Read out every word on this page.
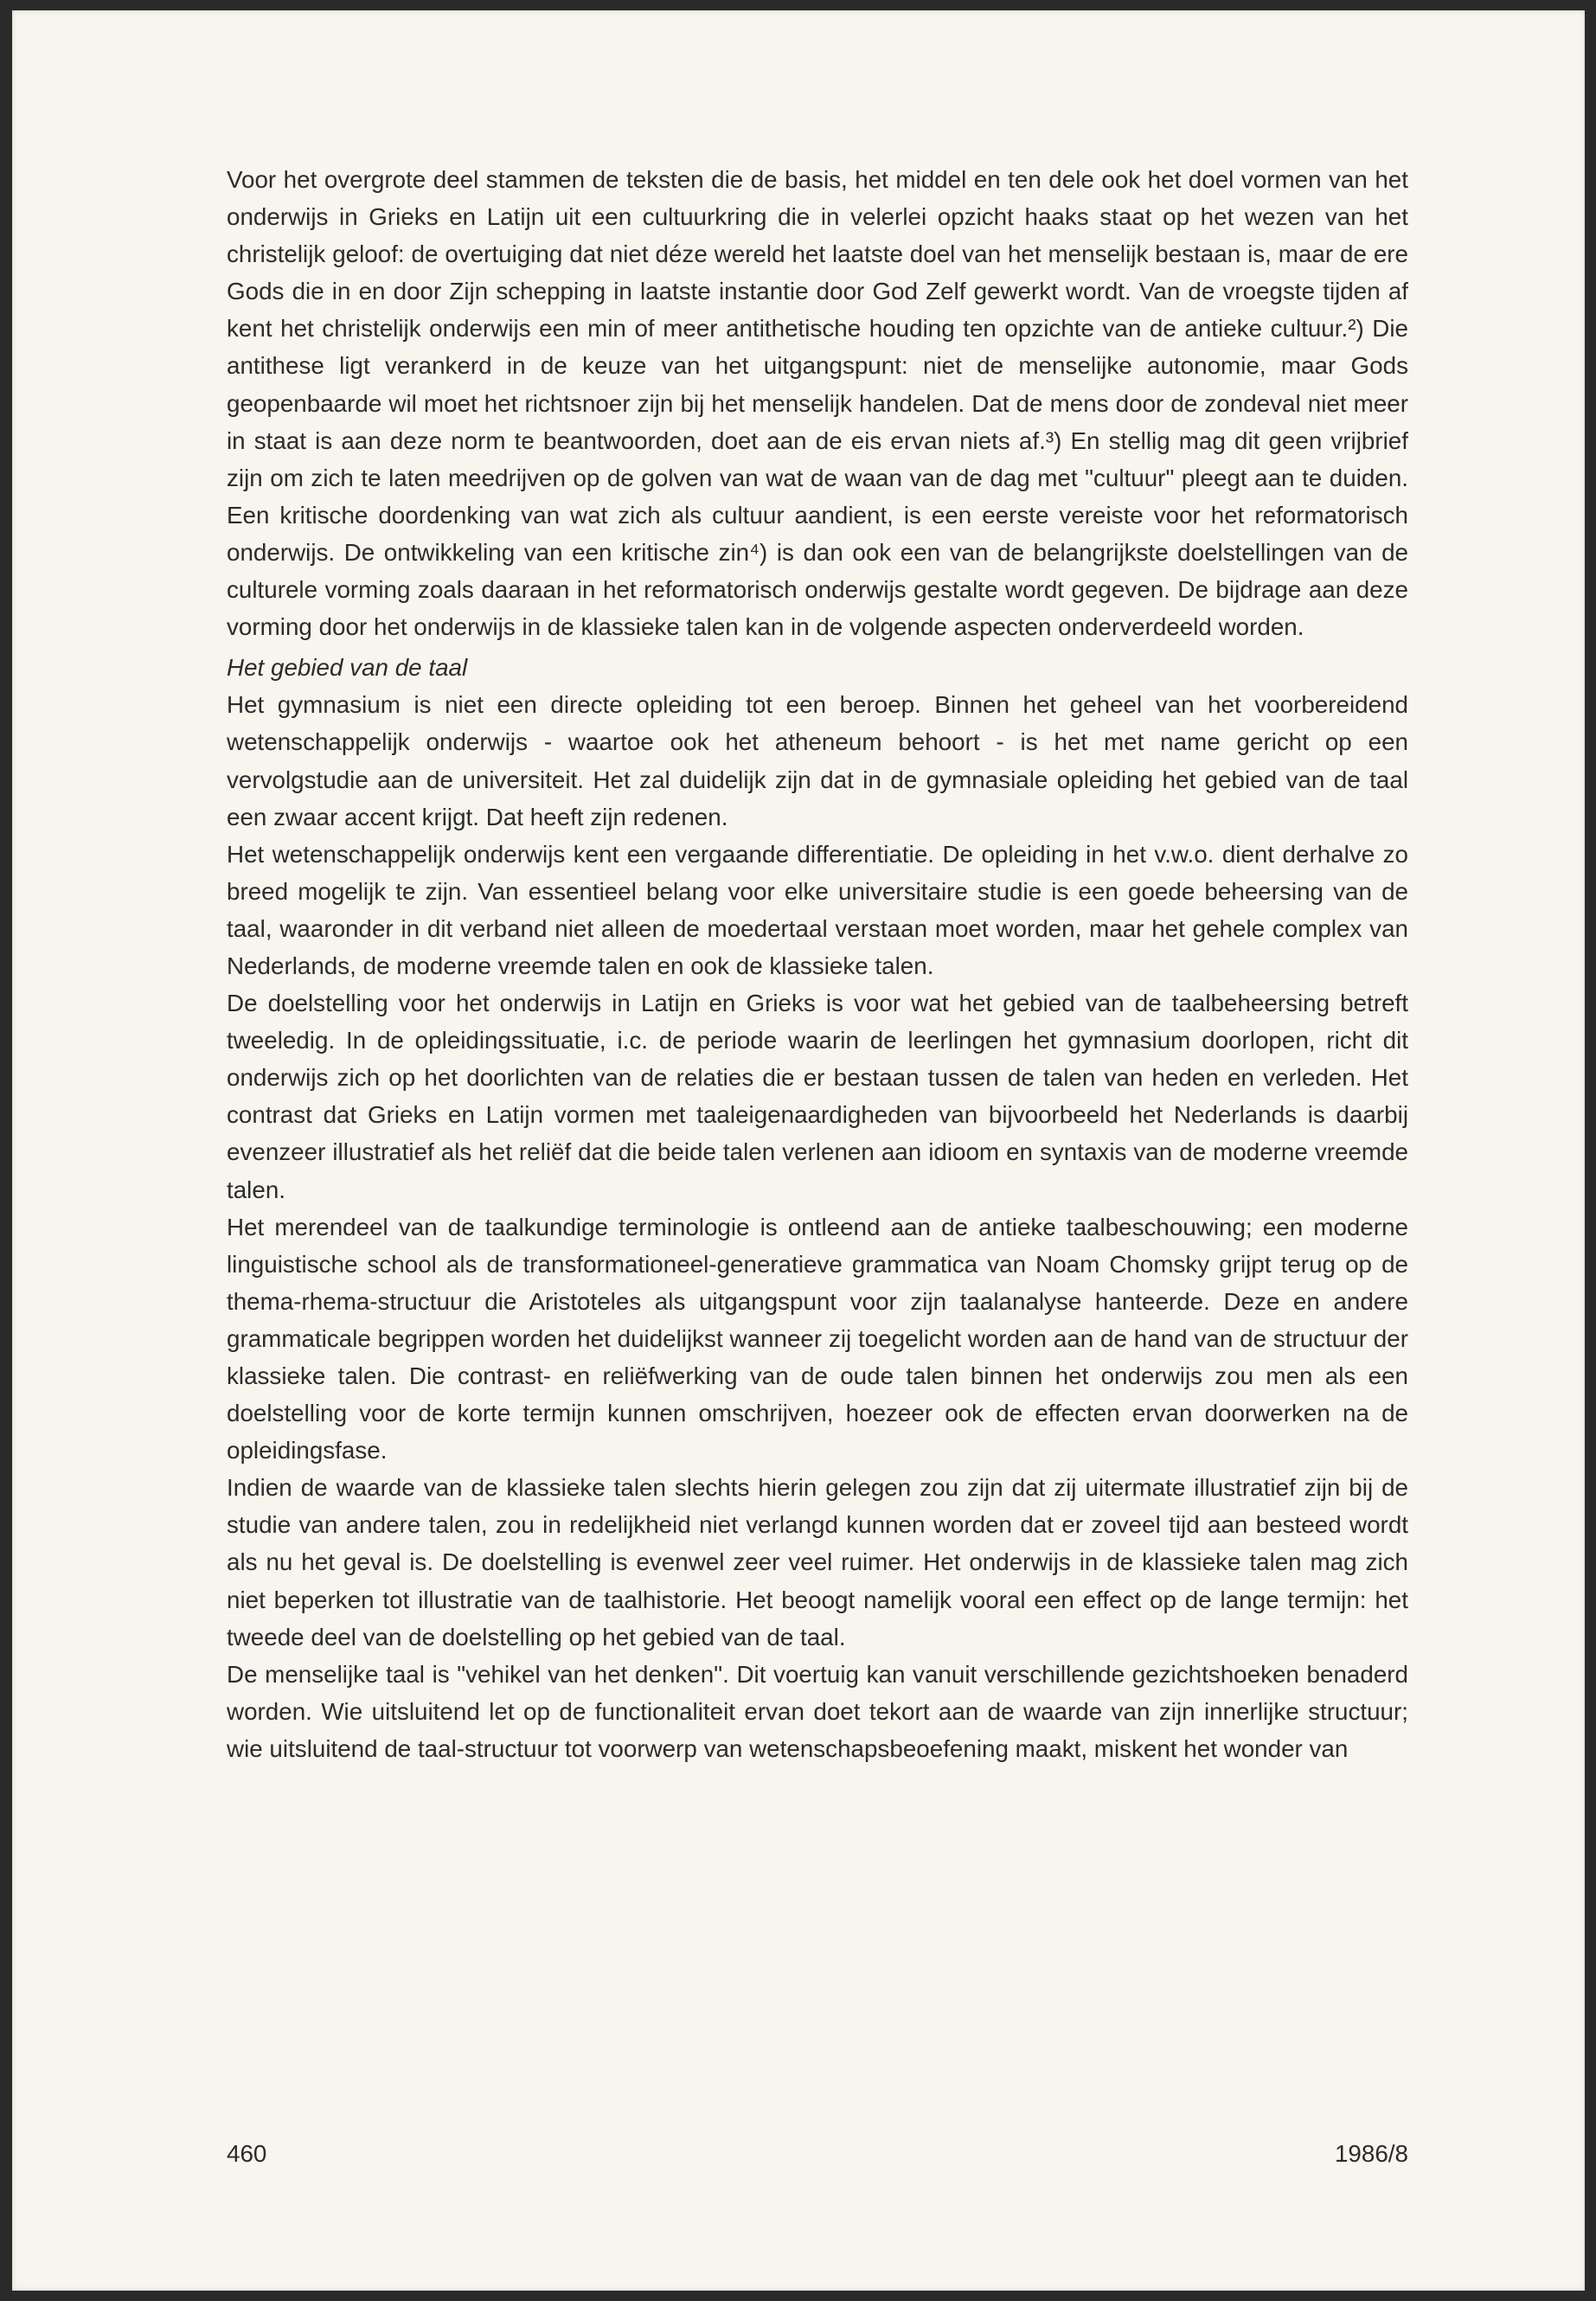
Voor het overgrote deel stammen de teksten die de basis, het middel en ten dele ook het doel vormen van het onderwijs in Grieks en Latijn uit een cultuurkring die in velerlei opzicht haaks staat op het wezen van het christelijk geloof: de overtuiging dat niet déze wereld het laatste doel van het menselijk bestaan is, maar de ere Gods die in en door Zijn schepping in laatste instantie door God Zelf gewerkt wordt. Van de vroegste tijden af kent het christelijk onderwijs een min of meer antithetische houding ten opzichte van de antieke cultuur.²) Die antithese ligt verankerd in de keuze van het uitgangspunt: niet de menselijke autonomie, maar Gods geopenbaarde wil moet het richtsnoer zijn bij het menselijk handelen. Dat de mens door de zondeval niet meer in staat is aan deze norm te beantwoorden, doet aan de eis ervan niets af.³) En stellig mag dit geen vrijbrief zijn om zich te laten meedrijven op de golven van wat de waan van de dag met "cultuur" pleegt aan te duiden. Een kritische doordenking van wat zich als cultuur aandient, is een eerste vereiste voor het reformatorisch onderwijs. De ontwikkeling van een kritische zin⁴) is dan ook een van de belangrijkste doelstellingen van de culturele vorming zoals daaraan in het reformatorisch onderwijs gestalte wordt gegeven. De bijdrage aan deze vorming door het onderwijs in de klassieke talen kan in de volgende aspecten onderverdeeld worden.

Het gebied van de taal

Het gymnasium is niet een directe opleiding tot een beroep. Binnen het geheel van het voorbereidend wetenschappelijk onderwijs - waartoe ook het atheneum behoort - is het met name gericht op een vervolgstudie aan de universiteit. Het zal duidelijk zijn dat in de gymnasiale opleiding het gebied van de taal een zwaar accent krijgt. Dat heeft zijn redenen.

Het wetenschappelijk onderwijs kent een vergaande differentiatie. De opleiding in het v.w.o. dient derhalve zo breed mogelijk te zijn. Van essentieel belang voor elke universitaire studie is een goede beheersing van de taal, waaronder in dit verband niet alleen de moedertaal verstaan moet worden, maar het gehele complex van Nederlands, de moderne vreemde talen en ook de klassieke talen.

De doelstelling voor het onderwijs in Latijn en Grieks is voor wat het gebied van de taalbeheersing betreft tweeledig. In de opleidingssituatie, i.c. de periode waarin de leerlingen het gymnasium doorlopen, richt dit onderwijs zich op het doorlichten van de relaties die er bestaan tussen de talen van heden en verleden. Het contrast dat Grieks en Latijn vormen met taaleigenaardigheden van bijvoorbeeld het Nederlands is daarbij evenzeer illustratief als het reliëf dat die beide talen verlenen aan idioom en syntaxis van de moderne vreemde talen.

Het merendeel van de taalkundige terminologie is ontleend aan de antieke taalbeschouwing; een moderne linguistische school als de transformationeel-generatieve grammatica van Noam Chomsky grijpt terug op de thema-rhema-structuur die Aristoteles als uitgangspunt voor zijn taalanalyse hanteerde. Deze en andere grammaticale begrippen worden het duidelijkst wanneer zij toegelicht worden aan de hand van de structuur der klassieke talen. Die contrast- en reliëfwerking van de oude talen binnen het onderwijs zou men als een doelstelling voor de korte termijn kunnen omschrijven, hoezeer ook de effecten ervan doorwerken na de opleidingsfase.

Indien de waarde van de klassieke talen slechts hierin gelegen zou zijn dat zij uitermate illustratief zijn bij de studie van andere talen, zou in redelijkheid niet verlangd kunnen worden dat er zoveel tijd aan besteed wordt als nu het geval is. De doelstelling is evenwel zeer veel ruimer. Het onderwijs in de klassieke talen mag zich niet beperken tot illustratie van de taalhistorie. Het beoogt namelijk vooral een effect op de lange termijn: het tweede deel van de doelstelling op het gebied van de taal.

De menselijke taal is "vehikel van het denken". Dit voertuig kan vanuit verschillende gezichtshoeken benaderd worden. Wie uitsluitend let op de functionaliteit ervan doet tekort aan de waarde van zijn innerlijke structuur; wie uitsluitend de taal-structuur tot voorwerp van wetenschapsbeoefening maakt, miskent het wonder van

460	1986/8
